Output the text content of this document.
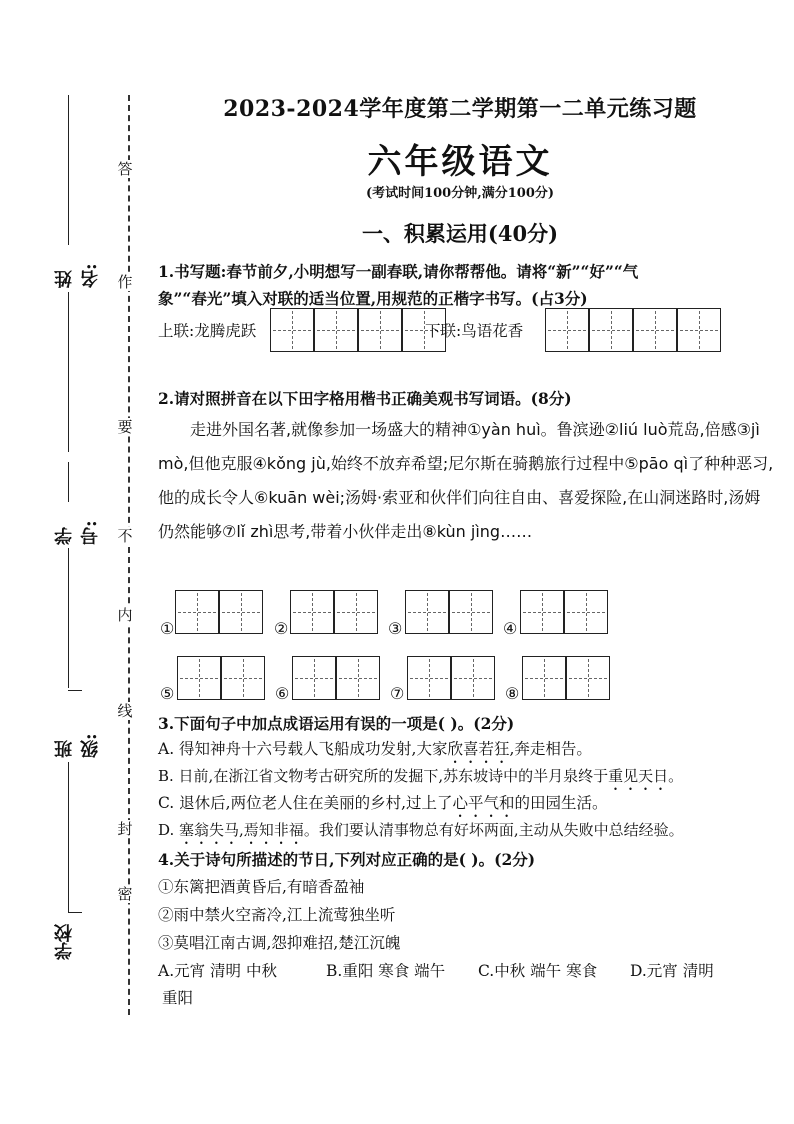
答
作
要
不
内
线
封
密
姓名:
学号:
班级:
学校
2023-2024学年度第二学期第一二单元练习题
六年级语文
(考试时间100分钟,满分100分)
一、积累运用(40分)
1.书写题:春节前夕,小明想写一副春联,请你帮帮他。请将“新”“好”“气象”“春光”填入对联的适当位置,用规范的正楷字书写。(占3分)
上联:龙腾虎跃	下联:鸟语花香
2.请对照拼音在以下田字格用楷书正确美观书写词语。(8分)
走进外国名著,就像参加一场盛大的精神①yàn huì。鲁滨逊②liú luò荒岛,倍感③jì mò,但他克服④kǒng jù,始终不放弃希望;尼尔斯在骑鹅旅行过程中⑤pāo qì了种种恶习,他的成长令人⑥kuān wèi;汤姆·索亚和伙伴们向往自由、喜爱探险,在山洞迷路时,汤姆仍然能够⑦lǐ zhì思考,带着小伙伴走出⑧kùn jìng……
①	②	③	④
⑤	⑥	⑦	⑧
3.下面句子中加点成语运用有误的一项是( )。(2分)
A. 得知神舟十六号载人飞船成功发射,大家欣喜若狂,奔走相告。
B. 日前,在浙江省文物考古研究所的发掘下,苏东坡诗中的半月泉终于重见天日。
C. 退休后,两位老人住在美丽的乡村,过上了心平气和的田园生活。
D. 塞翁失马,焉知非福。我们要认清事物总有好坏两面,主动从失败中总结经验。
4.关于诗句所描述的节日,下列对应正确的是( )。(2分)
①东篱把酒黄昏后,有暗香盈袖
②雨中禁火空斋冷,江上流莺独坐听
③莫唱江南古调,怨抑难招,楚江沉魄
A.元宵 清明 中秋	B.重阳 寒食 端午 C.中秋 端午 寒食 D.元宵 清明
重阳
